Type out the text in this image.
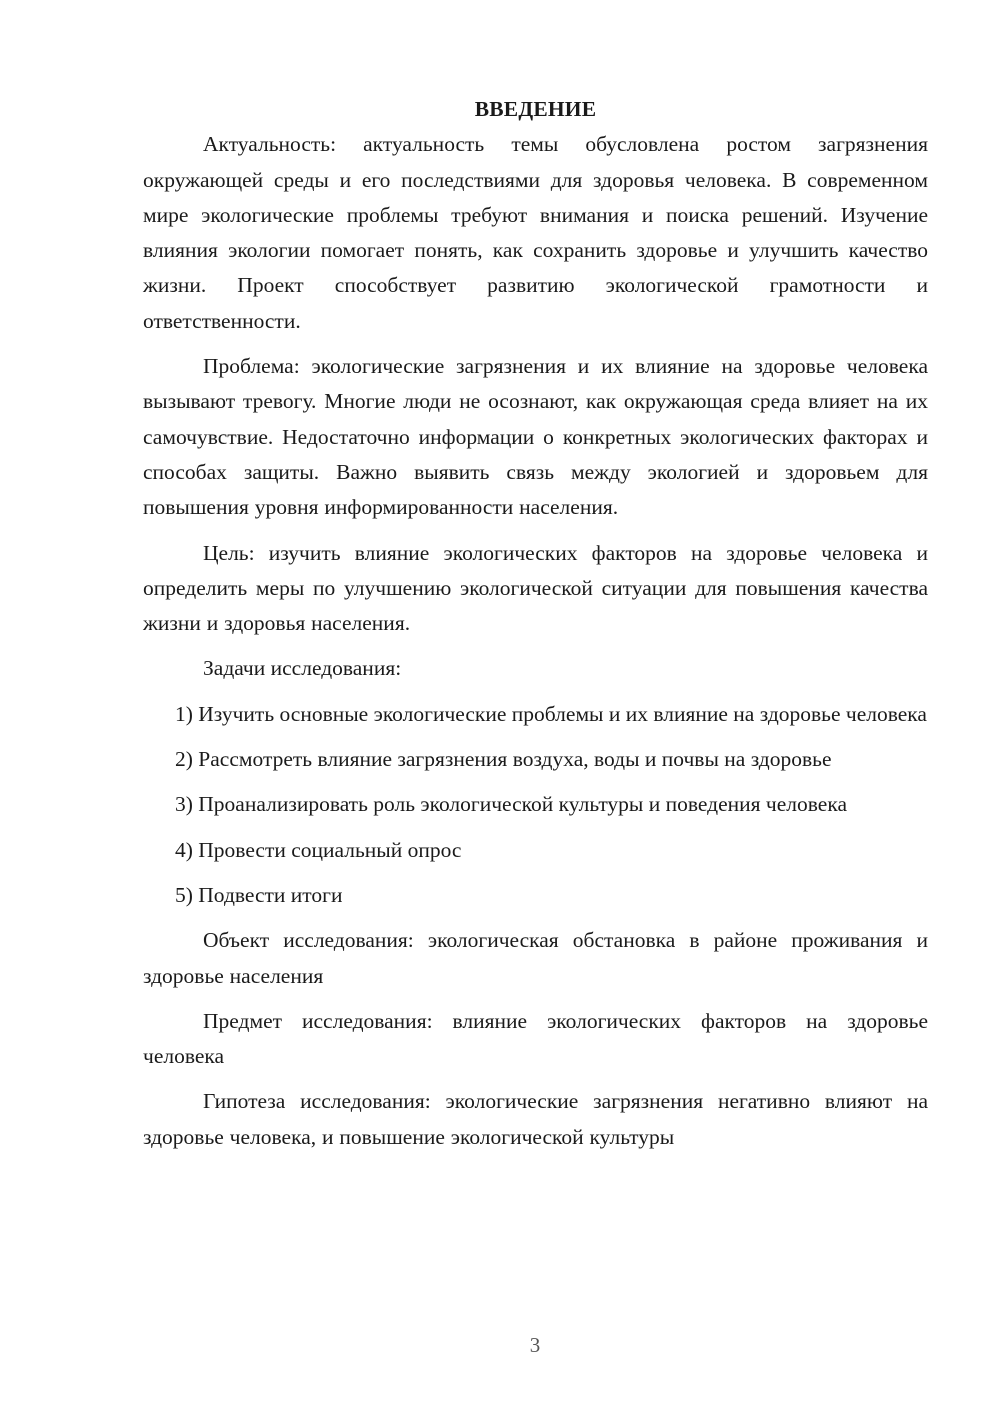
ВВЕДЕНИЕ

Актуальность: актуальность темы обусловлена ростом загрязнения окружающей среды и его последствиями для здоровья человека. В современном мире экологические проблемы требуют внимания и поиска решений. Изучение влияния экологии помогает понять, как сохранить здоровье и улучшить качество жизни. Проект способствует развитию экологической грамотности и ответственности.

Проблема: экологические загрязнения и их влияние на здоровье человека вызывают тревогу. Многие люди не осознают, как окружающая среда влияет на их самочувствие. Недостаточно информации о конкретных экологических факторах и способах защиты. Важно выявить связь между экологией и здоровьем для повышения уровня информированности населения.

Цель: изучить влияние экологических факторов на здоровье человека и определить меры по улучшению экологической ситуации для повышения качества жизни и здоровья населения.

Задачи исследования:

1) Изучить основные экологические проблемы и их влияние на здоровье человека

2) Рассмотреть влияние загрязнения воздуха, воды и почвы на здоровье

3) Проанализировать роль экологической культуры и поведения человека

4) Провести социальный опрос

5) Подвести итоги

Объект исследования: экологическая обстановка в районе проживания и здоровье населения

Предмет исследования: влияние экологических факторов на здоровье человека

Гипотеза исследования: экологические загрязнения негативно влияют на здоровье человека, и повышение экологической культуры

3
